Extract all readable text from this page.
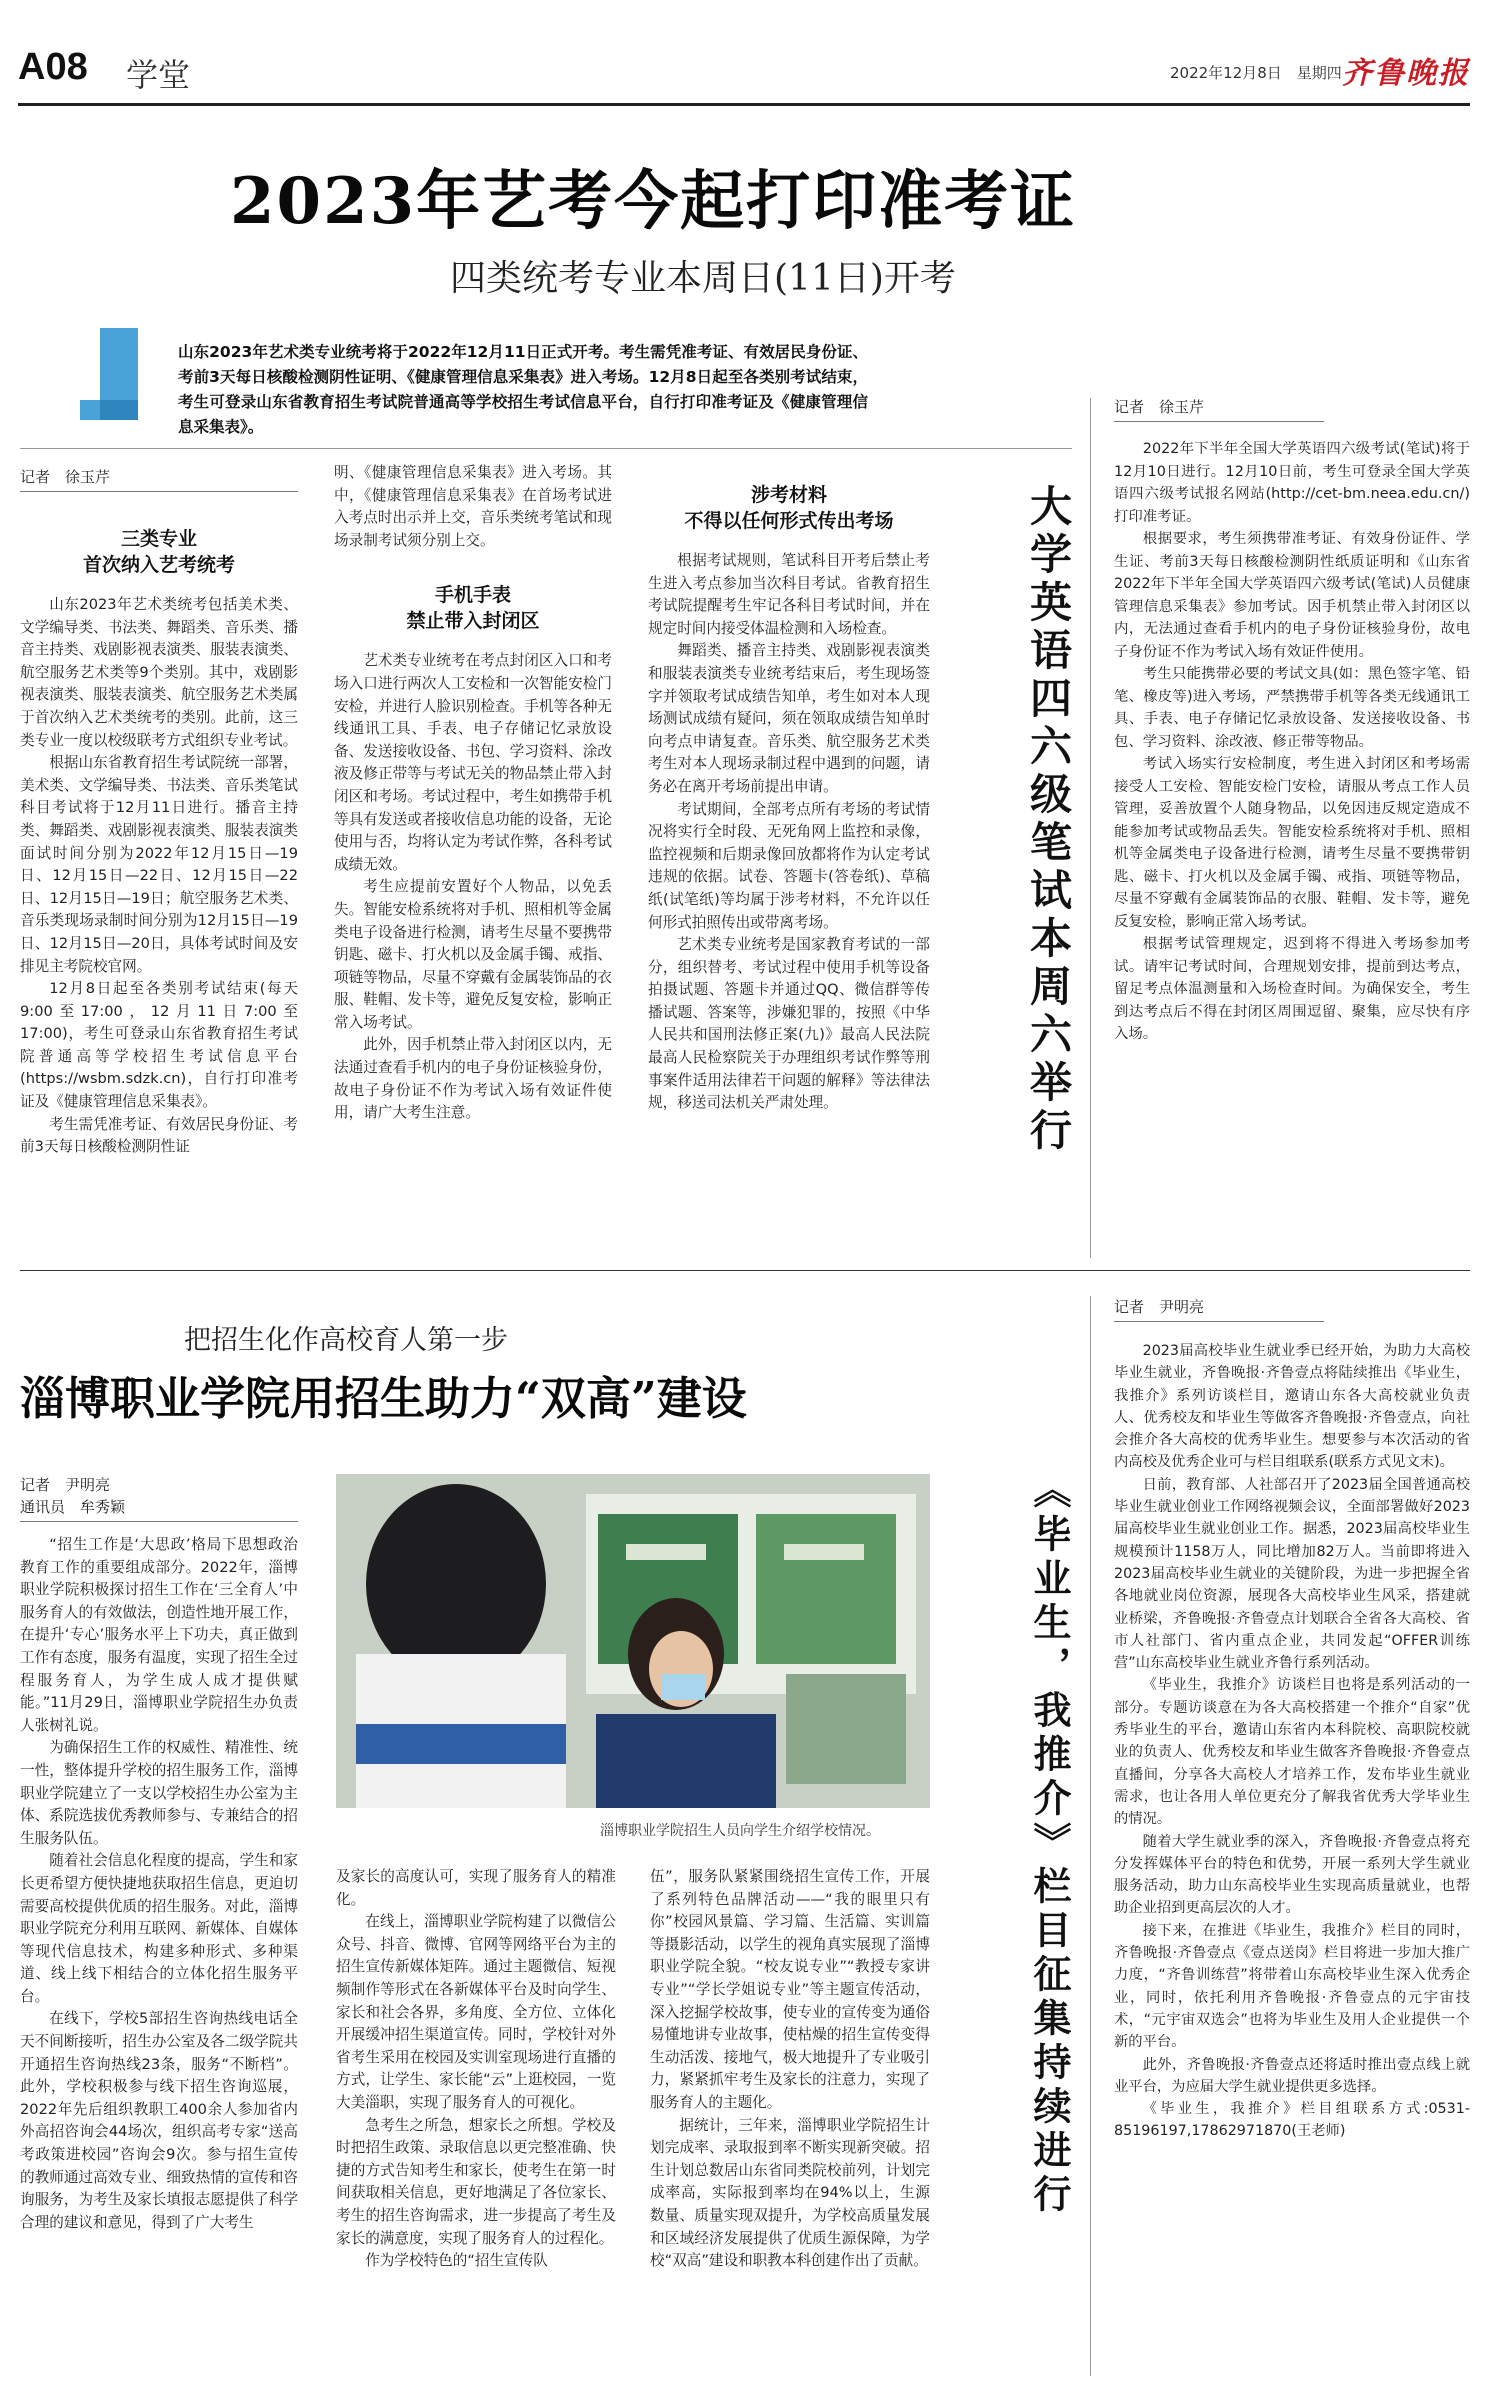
A08 学堂	2022年12月8日　星期四 齐鲁晚报
2023年艺考今起打印准考证
四类统考专业本周日(11日)开考
山东2023年艺术类专业统考将于2022年12月11日正式开考。考生需凭准考证、有效居民身份证、考前3天每日核酸检测阴性证明、《健康管理信息采集表》进入考场。12月8日起至各类别考试结束，考生可登录山东省教育招生考试院普通高等学校招生考试信息平台，自行打印准考证及《健康管理信息采集表》。
记者　徐玉芹
三类专业
首次纳入艺考统考

山东2023年艺术类统考包括美术类、文学编导类、书法类、舞蹈类、音乐类、播音主持类、戏剧影视表演类、服装表演类、航空服务艺术类等9个类别。其中，戏剧影视表演类、服装表演类、航空服务艺术类属于首次纳入艺术类统考的类别。此前，这三类专业一度以校级联考方式组织专业考试。

根据山东省教育招生考试院统一部署，美术类、文学编导类、书法类、音乐类笔试科目考试将于12月11日进行。播音主持类、舞蹈类、戏剧影视表演类、服装表演类面试时间分别为2022年12月15日—19日、12月15日—22日、12月15日—22日、12月15日—19日；航空服务艺术类、音乐类现场录制时间分别为12月15日—19日、12月15日—20日，具体考试时间及安排见主考院校官网。

12月8日起至各类别考试结束(每天9:00至17:00，12月11日7:00至17:00)，考生可登录山东省教育招生考试院普通高等学校招生考试信息平台(https://wsbm.sdzk.cn)，自行打印准考证及《健康管理信息采集表》。

考生需凭准考证、有效居民身份证、考前3天每日核酸检测阴性证

明、《健康管理信息采集表》进入考场。其中，《健康管理信息采集表》在首场考试进入考点时出示并上交，音乐类统考笔试和现场录制考试须分别上交。

手机手表
禁止带入封闭区

艺术类专业统考在考点封闭区入口和考场入口进行两次人工安检和一次智能安检门安检，并进行人脸识别检查。手机等各种无线通讯工具、手表、电子存储记忆录放设备、发送接收设备、书包、学习资料、涂改液及修正带等与考试无关的物品禁止带入封闭区和考场。考试过程中，考生如携带手机等具有发送或者接收信息功能的设备，无论使用与否，均将认定为考试作弊，各科考试成绩无效。

考生应提前安置好个人物品，以免丢失。智能安检系统将对手机、照相机等金属类电子设备进行检测，请考生尽量不要携带钥匙、磁卡、打火机以及金属手镯、戒指、项链等物品，尽量不穿戴有金属装饰品的衣服、鞋帽、发卡等，避免反复安检，影响正常入场考试。

此外，因手机禁止带入封闭区以内，无法通过查看手机内的电子身份证核验身份，故电子身份证不作为考试入场有效证件使用，请广大考生注意。

涉考材料
不得以任何形式传出考场

根据考试规则，笔试科目开考后禁止考生进入考点参加当次科目考试。省教育招生考试院提醒考生牢记各科目考试时间，并在规定时间内接受体温检测和入场检查。

舞蹈类、播音主持类、戏剧影视表演类和服装表演类专业统考结束后，考生现场签字并领取考试成绩告知单，考生如对本人现场测试成绩有疑问，须在领取成绩告知单时向考点申请复查。音乐类、航空服务艺术类考生对本人现场录制过程中遇到的问题，请务必在离开考场前提出申请。

考试期间，全部考点所有考场的考试情况将实行全时段、无死角网上监控和录像，监控视频和后期录像回放都将作为认定考试违规的依据。试卷、答题卡(答卷纸)、草稿纸(试笔纸)等均属于涉考材料，不允许以任何形式拍照传出或带离考场。

艺术类专业统考是国家教育考试的一部分，组织替考、考试过程中使用手机等设备拍摄试题、答题卡并通过QQ、微信群等传播试题、答案等，涉嫌犯罪的，按照《中华人民共和国刑法修正案(九)》最高人民法院　最高人民检察院关于办理组织考试作弊等刑事案件适用法律若干问题的解释》等法律法规，移送司法机关严肃处理。	大学英语四六级笔试本周六举行
记者　徐玉芹

2022年下半年全国大学英语四六级考试(笔试)将于12月10日进行。12月10日前，考生可登录全国大学英语四六级考试报名网站(http://cet-bm.neea.edu.cn/)打印准考证。

根据要求，考生须携带准考证、有效身份证件、学生证、考前3天每日核酸检测阴性纸质证明和《山东省2022年下半年全国大学英语四六级考试(笔试)人员健康管理信息采集表》参加考试。因手机禁止带入封闭区以内，无法通过查看手机内的电子身份证核验身份，故电子身份证不作为考试入场有效证件使用。

考生只能携带必要的考试文具(如：黑色签字笔、铅笔、橡皮等)进入考场，严禁携带手机等各类无线通讯工具、手表、电子存储记忆录放设备、发送接收设备、书包、学习资料、涂改液、修正带等物品。

考试入场实行安检制度，考生进入封闭区和考场需接受人工安检、智能安检门安检，请服从考点工作人员管理，妥善放置个人随身物品，以免因违反规定造成不能参加考试或物品丢失。智能安检系统将对手机、照相机等金属类电子设备进行检测，请考生尽量不要携带钥匙、磁卡、打火机以及金属手镯、戒指、项链等物品，尽量不穿戴有金属装饰品的衣服、鞋帽、发卡等，避免反复安检，影响正常入场考试。

根据考试管理规定，迟到将不得进入考场参加考试。请牢记考试时间，合理规划安排，提前到达考点，留足考点体温测量和入场检查时间。为确保安全，考生到达考点后不得在封闭区周围逗留、聚集，应尽快有序入场。

把招生化作高校育人第一步
淄博职业学院用招生助力“双高”建设
记者　尹明亮
通讯员　牟秀颖

“招生工作是‘大思政’格局下思想政治教育工作的重要组成部分。2022年，淄博职业学院积极探讨招生工作在‘三全育人’中服务育人的有效做法，创造性地开展工作，在提升‘专心’服务水平上下功夫，真正做到工作有态度，服务有温度，实现了招生全过程服务育人，为学生成人成才提供赋能。”11月29日，淄博职业学院招生办负责人张树礼说。

为确保招生工作的权威性、精准性、统一性，整体提升学校的招生服务工作，淄博职业学院建立了一支以学校招生办公室为主体、系院选拔优秀教师参与、专兼结合的招生服务队伍。

随着社会信息化程度的提高，学生和家长更希望方便快捷地获取招生信息，更迫切需要高校提供优质的招生服务。对此，淄博职业学院充分利用互联网、新媒体、自媒体等现代信息技术，构建多种形式、多种渠道、线上线下相结合的立体化招生服务平台。

在线下，学校5部招生咨询热线电话全天不间断接听，招生办公室及各二级学院共开通招生咨询热线23条，服务“不断档”。此外，学校积极参与线下招生咨询巡展，2022年先后组织教职工400余人参加省内外高招咨询会44场次，组织高考专家“送高考政策进校园”咨询会9次。参与招生宣传的教师通过高效专业、细致热情的宣传和咨询服务，为考生及家长填报志愿提供了科学合理的建议和意见，得到了广大考生

淄博职业学院招生人员向学生介绍学校情况。

及家长的高度认可，实现了服务育人的精准化。

在线上，淄博职业学院构建了以微信公众号、抖音、微博、官网等网络平台为主的招生宣传新媒体矩阵。通过主题微信、短视频制作等形式在各新媒体平台及时向学生、家长和社会各界，多角度、全方位、立体化开展缓冲招生渠道宣传。同时，学校针对外省考生采用在校园及实训室现场进行直播的方式，让学生、家长能“云”上逛校园，一览大美淄职，实现了服务育人的可视化。

急考生之所急，想家长之所想。学校及时把招生政策、录取信息以更完整准确、快捷的方式告知考生和家长，使考生在第一时间获取相关信息，更好地满足了各位家长、考生的招生咨询需求，进一步提高了考生及家长的满意度，实现了服务育人的过程化。

作为学校特色的“招生宣传队

伍”，服务队紧紧围绕招生宣传工作，开展了系列特色品牌活动——“我的眼里只有你”校园风景篇、学习篇、生活篇、实训篇等摄影活动，以学生的视角真实展现了淄博职业学院全貌。“校友说专业”“教授专家讲专业”“学长学姐说专业”等主题宣传活动，深入挖掘学校故事，使专业的宣传变为通俗易懂地讲专业故事，使枯燥的招生宣传变得生动活泼、接地气，极大地提升了专业吸引力，紧紧抓牢考生及家长的注意力，实现了服务育人的主题化。

据统计，三年来，淄博职业学院招生计划完成率、录取报到率不断实现新突破。招生计划总数居山东省同类院校前列，计划完成率高，实际报到率均在94%以上，生源数量、质量实现双提升，为学校高质量发展和区域经济发展提供了优质生源保障，为学校“双高”建设和职教本科创建作出了贡献。

《毕业生，我推介》栏目征集持续进行
记者　尹明亮

2023届高校毕业生就业季已经开始，为助力大高校毕业生就业，齐鲁晚报·齐鲁壹点将陆续推出《毕业生，我推介》系列访谈栏目，邀请山东各大高校就业负责人、优秀校友和毕业生等做客齐鲁晚报·齐鲁壹点，向社会推介各大高校的优秀毕业生。想要参与本次活动的省内高校及优秀企业可与栏目组联系(联系方式见文末)。

日前，教育部、人社部召开了2023届全国普通高校毕业生就业创业工作网络视频会议，全面部署做好2023届高校毕业生就业创业工作。据悉，2023届高校毕业生规模预计1158万人，同比增加82万人。当前即将进入2023届高校毕业生就业的关键阶段，为进一步把握全省各地就业岗位资源，展现各大高校毕业生风采，搭建就业桥梁，齐鲁晚报·齐鲁壹点计划联合全省各大高校、省市人社部门、省内重点企业，共同发起“OFFER训练营”山东高校毕业生就业齐鲁行系列活动。

《毕业生，我推介》访谈栏目也将是系列活动的一部分。专题访谈意在为各大高校搭建一个推介“自家”优秀毕业生的平台，邀请山东省内本科院校、高职院校就业的负责人、优秀校友和毕业生做客齐鲁晚报·齐鲁壹点直播间，分享各大高校人才培养工作，发布毕业生就业需求，也让各用人单位更充分了解我省优秀大学毕业生的情况。

随着大学生就业季的深入，齐鲁晚报·齐鲁壹点将充分发挥媒体平台的特色和优势，开展一系列大学生就业服务活动，助力山东高校毕业生实现高质量就业，也帮助企业招到更高层次的人才。

接下来，在推进《毕业生，我推介》栏目的同时，齐鲁晚报·齐鲁壹点《壹点送岗》栏目将进一步加大推广力度，“齐鲁训练营”将带着山东高校毕业生深入优秀企业，同时，依托利用齐鲁晚报·齐鲁壹点的元宇宙技术，“元宇宙双选会”也将为毕业生及用人企业提供一个新的平台。

此外，齐鲁晚报·齐鲁壹点还将适时推出壹点线上就业平台，为应届大学生就业提供更多选择。

《毕业生，我推介》栏目组联系方式:0531-85196197,17862971870(王老师)
